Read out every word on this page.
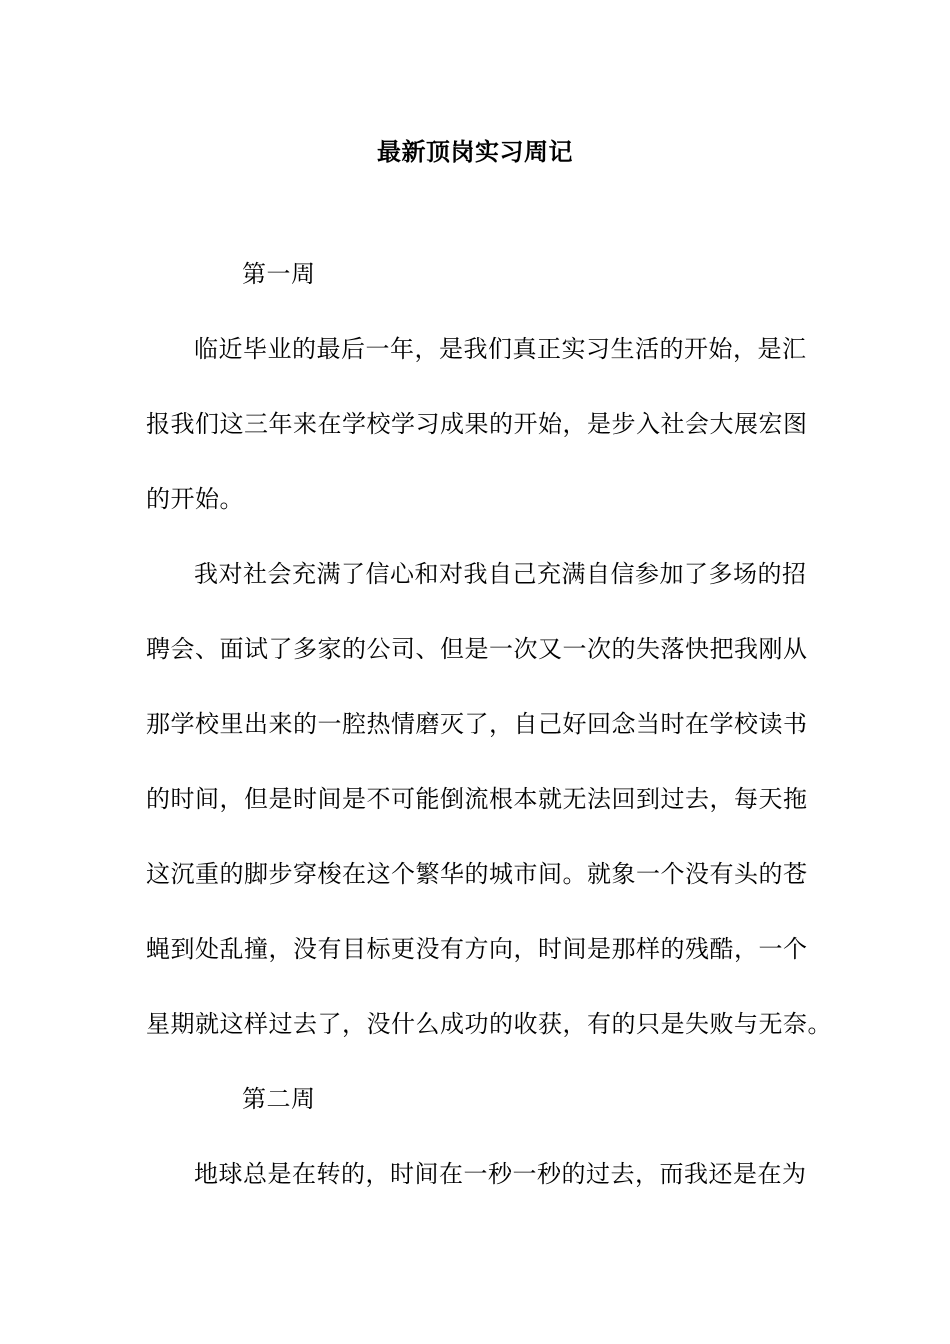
最新顶岗实习周记
第一周
临近毕业的最后一年，是我们真正实习生活的开始，是汇
报我们这三年来在学校学习成果的开始，是步入社会大展宏图
的开始。
我对社会充满了信心和对我自己充满自信参加了多场的招
聘会、面试了多家的公司、但是一次又一次的失落快把我刚从
那学校里出来的一腔热情磨灭了，自己好回念当时在学校读书
的时间，但是时间是不可能倒流根本就无法回到过去，每天拖
这沉重的脚步穿梭在这个繁华的城市间。就象一个没有头的苍
蝇到处乱撞，没有目标更没有方向，时间是那样的残酷，一个
星期就这样过去了，没什么成功的收获，有的只是失败与无奈。
第二周
地球总是在转的，时间在一秒一秒的过去，而我还是在为
